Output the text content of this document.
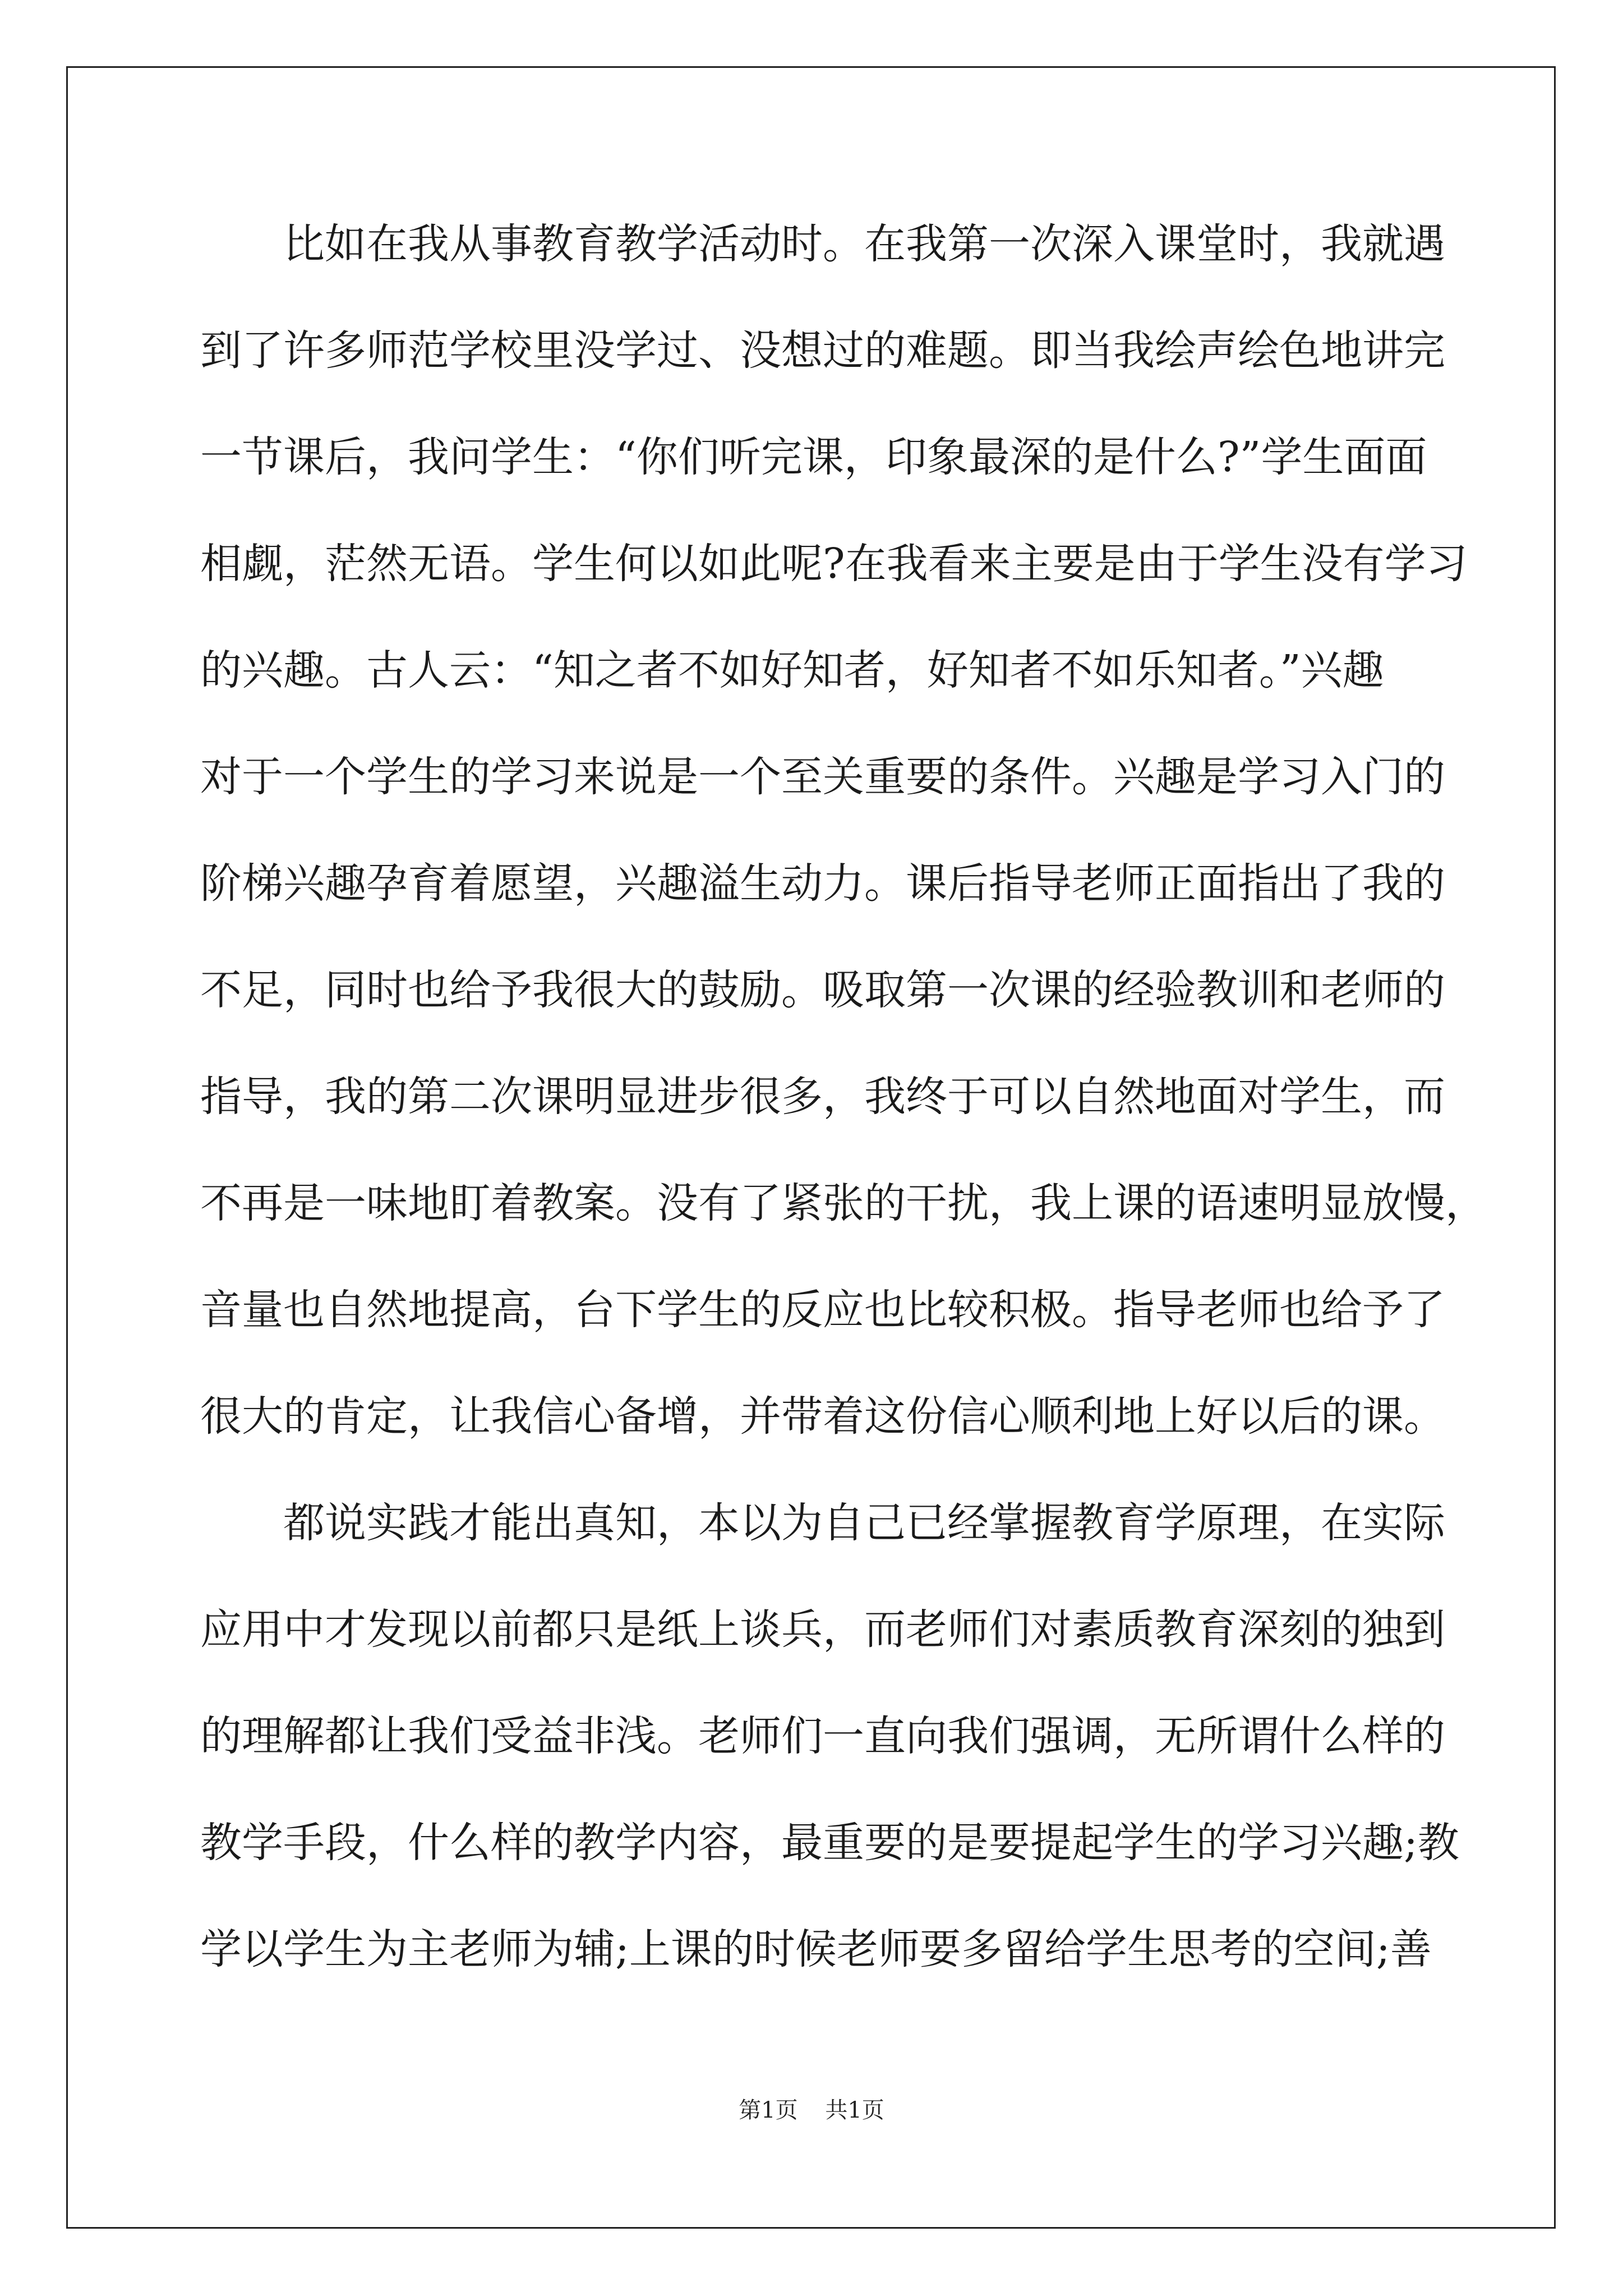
比如在我从事教育教学活动时。在我第一次深入课堂时，我就遇
到了许多师范学校里没学过、没想过的难题。即当我绘声绘色地讲完
一节课后，我问学生：“你们听完课，印象最深的是什么?”学生面面
相觑，茫然无语。学生何以如此呢?在我看来主要是由于学生没有学习
的兴趣。古人云：“知之者不如好知者，好知者不如乐知者。”兴趣
对于一个学生的学习来说是一个至关重要的条件。兴趣是学习入门的
阶梯兴趣孕育着愿望，兴趣溢生动力。课后指导老师正面指出了我的
不足，同时也给予我很大的鼓励。吸取第一次课的经验教训和老师的
指导，我的第二次课明显进步很多，我终于可以自然地面对学生，而
不再是一味地盯着教案。没有了紧张的干扰，我上课的语速明显放慢，
音量也自然地提高，台下学生的反应也比较积极。指导老师也给予了
很大的肯定，让我信心备增，并带着这份信心顺利地上好以后的课。
都说实践才能出真知，本以为自己已经掌握教育学原理，在实际
应用中才发现以前都只是纸上谈兵，而老师们对素质教育深刻的独到
的理解都让我们受益非浅。老师们一直向我们强调，无所谓什么样的
教学手段，什么样的教学内容，最重要的是要提起学生的学习兴趣;教
学以学生为主老师为辅;上课的时候老师要多留给学生思考的空间;善
第1页 共1页
